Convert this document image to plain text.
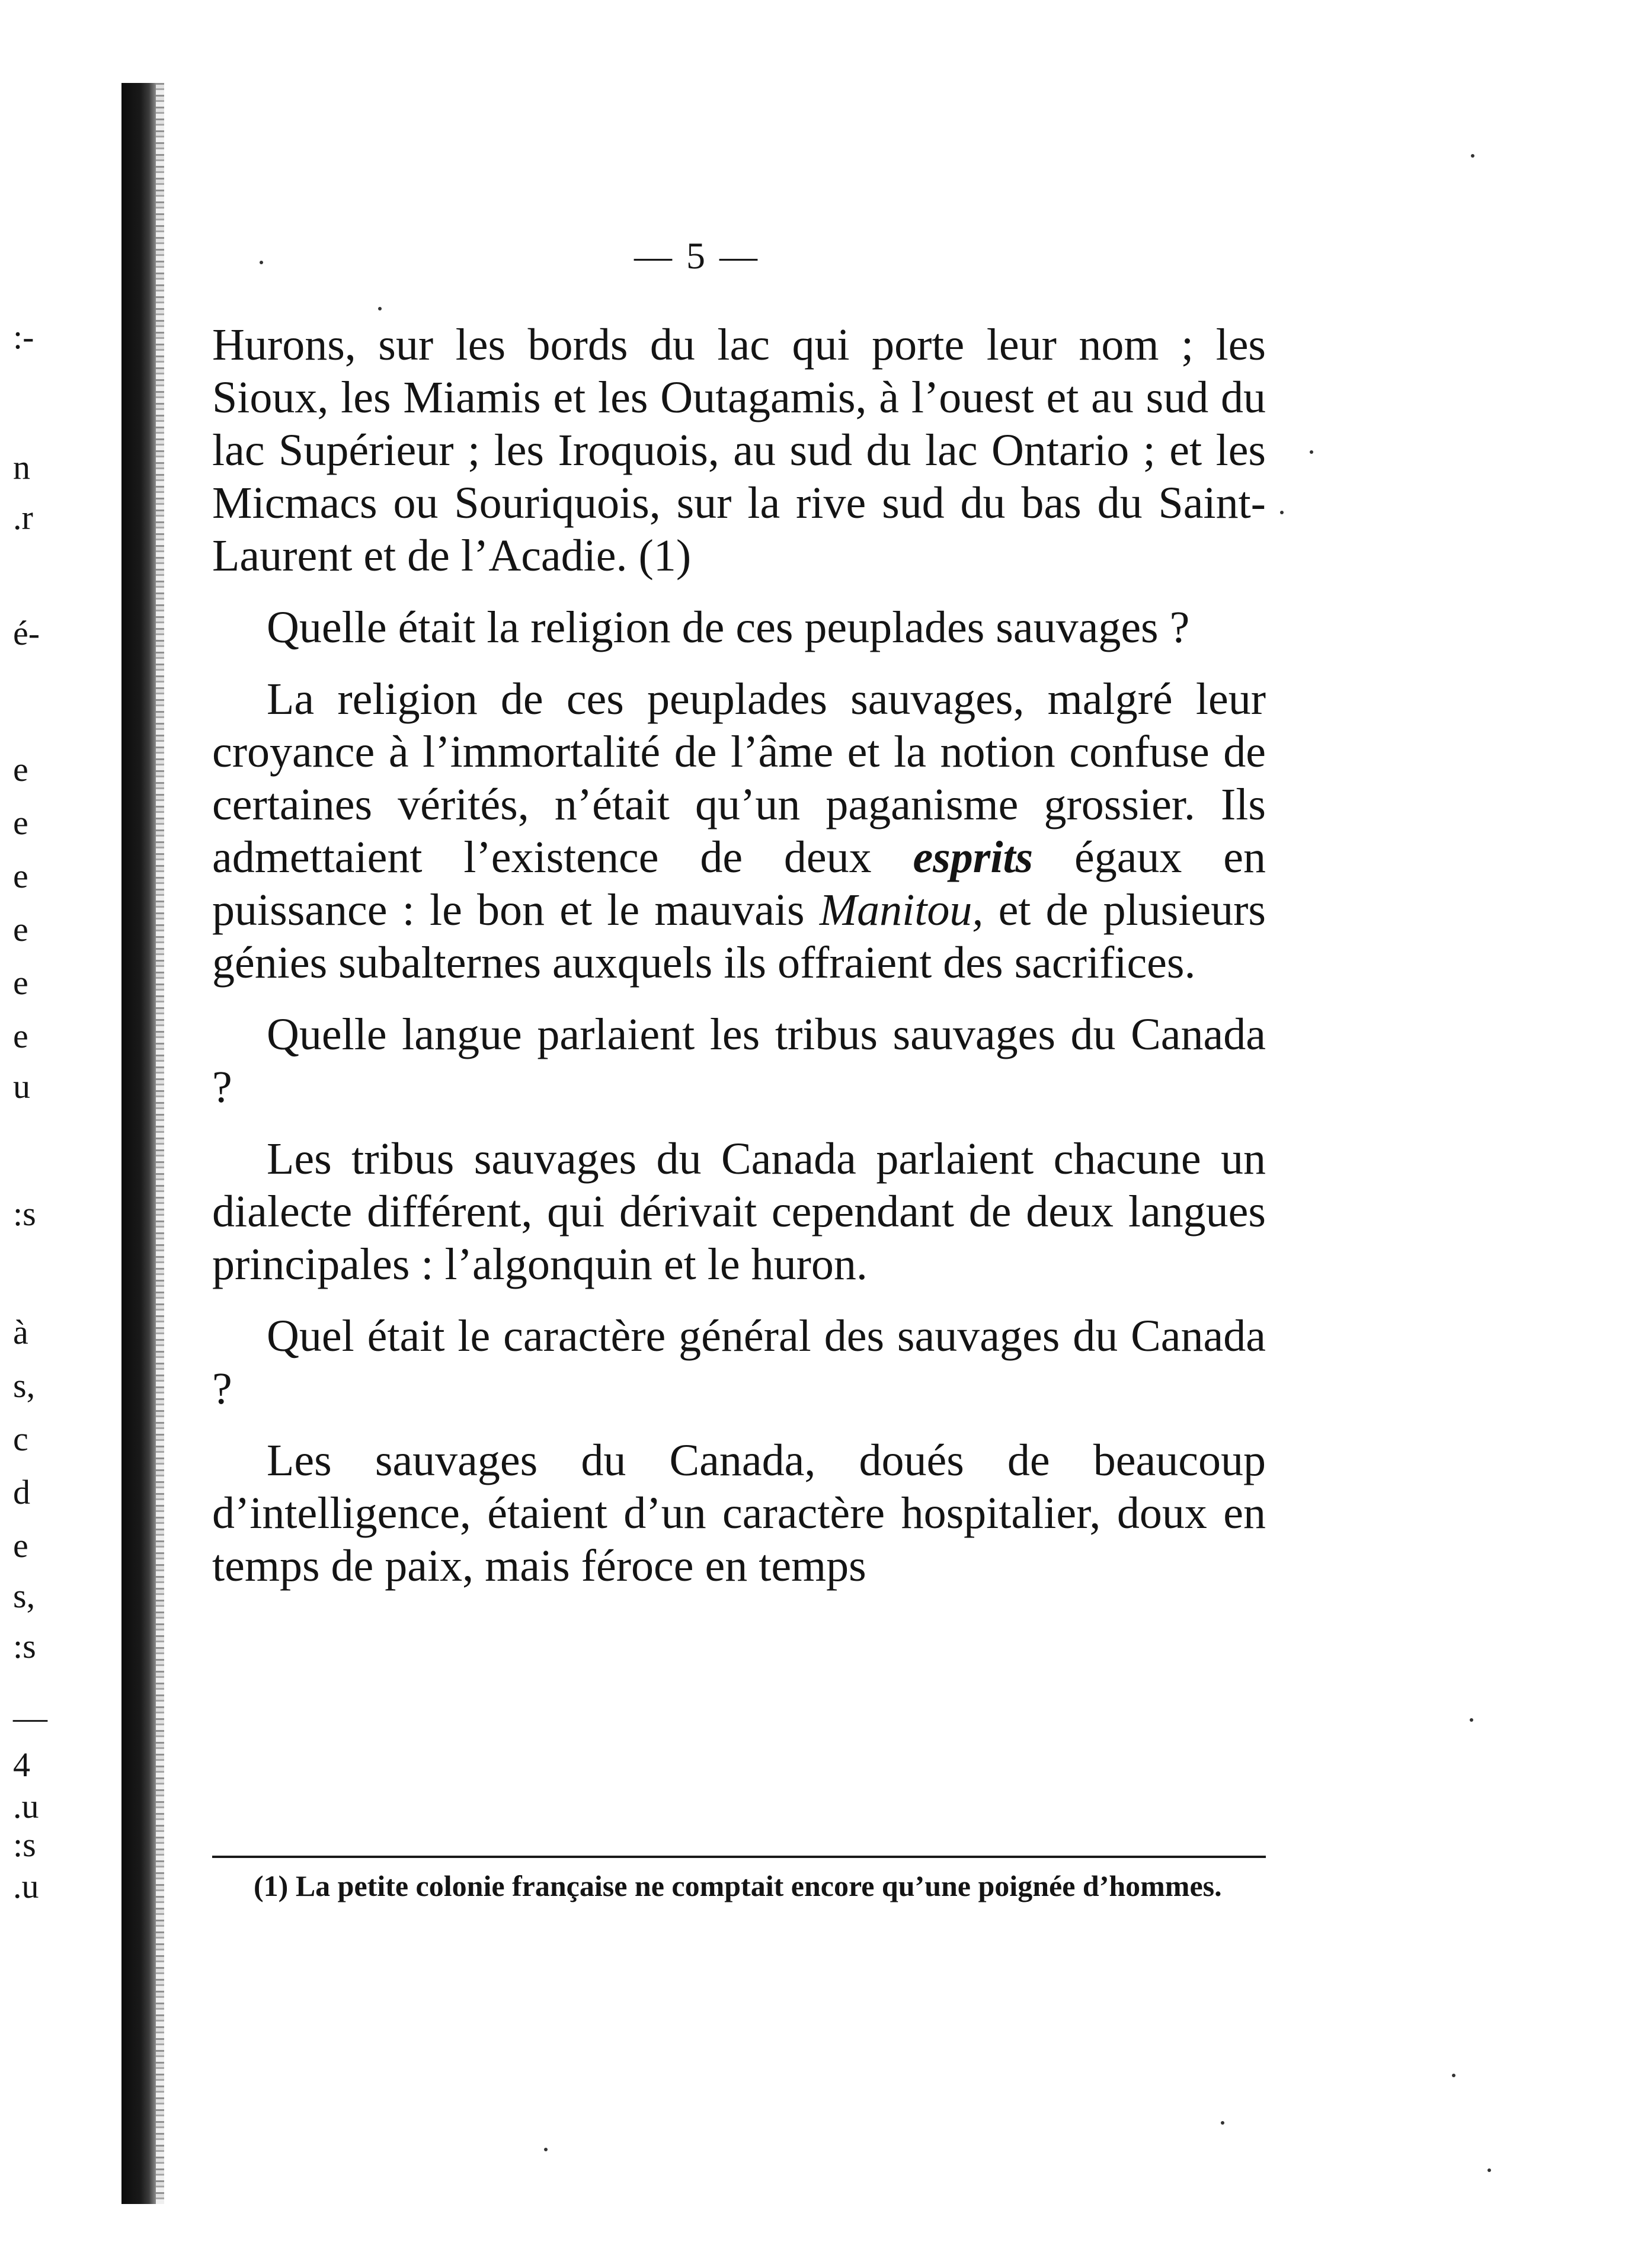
:-
n
.r
é-
e
e
e
e
e
e
u
:s
à
s,
c
d
e
s,
:s
—
4
.u
:s
.u
— 5 —

Hurons, sur les bords du lac qui porte leur nom ; les Sioux, les Miamis et les Outagamis, à l’ouest et au sud du lac Supérieur ; les Iroquois, au sud du lac Ontario ; et les Micmacs ou Souriquois, sur la rive sud du bas du Saint-Laurent et de l’Acadie. (1)

Quelle était la religion de ces peuplades sauvages ?

La religion de ces peuplades sauvages, malgré leur croyance à l’immortalité de l’âme et la notion confuse de certaines vérités, n’était qu’un paganisme grossier. Ils admettaient l’existence de deux esprits égaux en puissance : le bon et le mauvais Manitou, et de plusieurs génies subalternes auxquels ils offraient des sacrifices.

Quelle langue parlaient les tribus sauvages du Canada ?

Les tribus sauvages du Canada parlaient chacune un dialecte différent, qui dérivait cependant de deux langues principales : l’algonquin et le huron.

Quel était le caractère général des sauvages du Canada ?

Les sauvages du Canada, doués de beaucoup d’intelligence, étaient d’un caractère hospitalier, doux en temps de paix, mais féroce en temps

(1) La petite colonie française ne comptait encore qu’une poignée d’hommes.
